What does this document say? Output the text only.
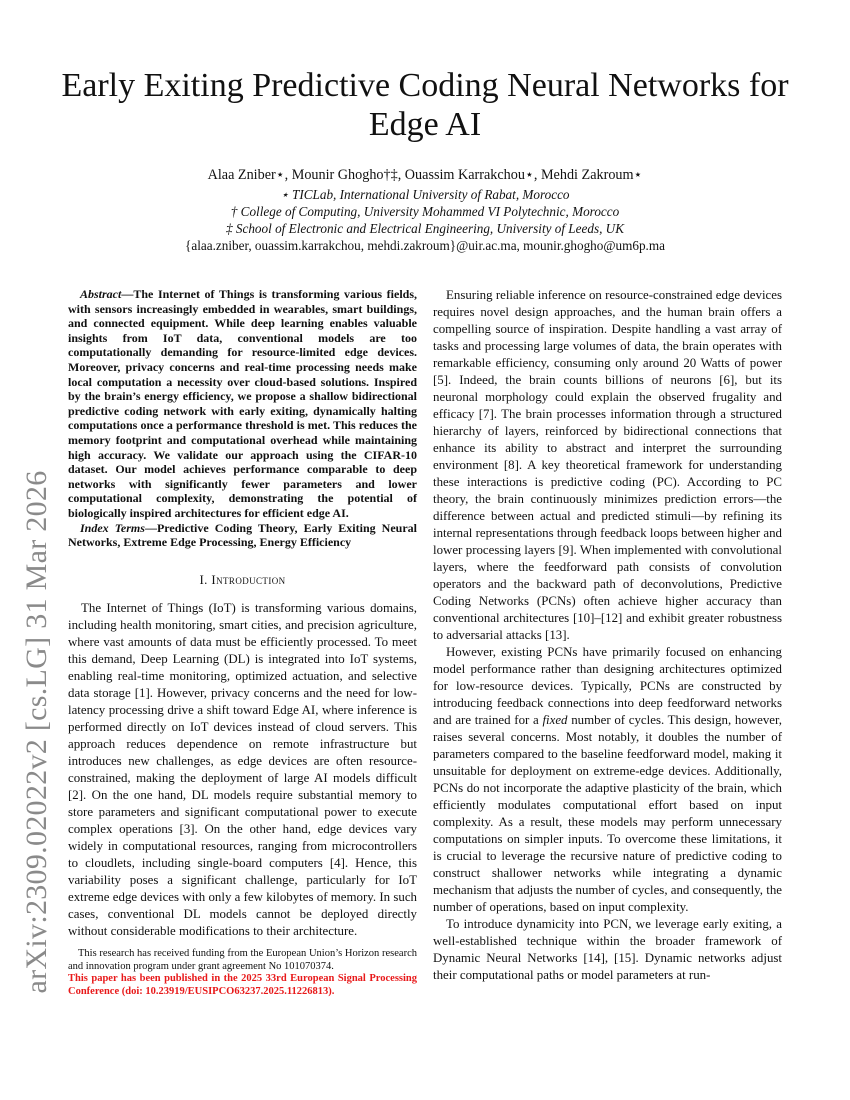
Early Exiting Predictive Coding Neural Networks for Edge AI
Alaa Zniber⋆, Mounir Ghogho†‡, Ouassim Karrakchou⋆, Mehdi Zakroum⋆
⋆ TICLab, International University of Rabat, Morocco
† College of Computing, University Mohammed VI Polytechnic, Morocco
‡ School of Electronic and Electrical Engineering, University of Leeds, UK
{alaa.zniber, ouassim.karrakchou, mehdi.zakroum}@uir.ac.ma, mounir.ghogho@um6p.ma
arXiv:2309.02022v2 [cs.LG] 31 Mar 2026

Abstract—The Internet of Things is transforming various fields, with sensors increasingly embedded in wearables, smart buildings, and connected equipment. While deep learning enables valuable insights from IoT data, conventional models are too computationally demanding for resource-limited edge devices. Moreover, privacy concerns and real-time processing needs make local computation a necessity over cloud-based solutions. Inspired by the brain’s energy efficiency, we propose a shallow bidirectional predictive coding network with early exiting, dynamically halting computations once a performance threshold is met. This reduces the memory footprint and computational overhead while maintaining high accuracy. We validate our approach using the CIFAR-10 dataset. Our model achieves performance comparable to deep networks with significantly fewer parameters and lower computational complexity, demonstrating the potential of biologically inspired architectures for efficient edge AI.

Index Terms—Predictive Coding Theory, Early Exiting Neural Networks, Extreme Edge Processing, Energy Efficiency

I. Introduction

The Internet of Things (IoT) is transforming various domains, including health monitoring, smart cities, and precision agriculture, where vast amounts of data must be efficiently processed. To meet this demand, Deep Learning (DL) is integrated into IoT systems, enabling real-time monitoring, optimized actuation, and selective data storage [1]. However, privacy concerns and the need for low-latency processing drive a shift toward Edge AI, where inference is performed directly on IoT devices instead of cloud servers. This approach reduces dependence on remote infrastructure but introduces new challenges, as edge devices are often resource-constrained, making the deployment of large AI models difficult [2]. On the one hand, DL models require substantial memory to store parameters and significant computational power to execute complex operations [3]. On the other hand, edge devices vary widely in computational resources, ranging from microcontrollers to cloudlets, including single-board computers [4]. Hence, this variability poses a significant challenge, particularly for IoT extreme edge devices with only a few kilobytes of memory. In such cases, conventional DL models cannot be deployed directly without considerable modifications to their architecture.

This research has received funding from the European Union’s Horizon research and innovation program under grant agreement No 101070374.

This paper has been published in the 2025 33rd European Signal Processing Conference (doi: 10.23919/EUSIPCO63237.2025.11226813).

Ensuring reliable inference on resource-constrained edge devices requires novel design approaches, and the human brain offers a compelling source of inspiration. Despite handling a vast array of tasks and processing large volumes of data, the brain operates with remarkable efficiency, consuming only around 20 Watts of power [5]. Indeed, the brain counts billions of neurons [6], but its neuronal morphology could explain the observed frugality and efficacy [7]. The brain processes information through a structured hierarchy of layers, reinforced by bidirectional connections that enhance its ability to abstract and interpret the surrounding environment [8]. A key theoretical framework for understanding these interactions is predictive coding (PC). According to PC theory, the brain continuously minimizes prediction errors—the difference between actual and predicted stimuli—by refining its internal representations through feedback loops between higher and lower processing layers [9]. When implemented with convolutional layers, where the feedforward path consists of convolution operators and the backward path of deconvolutions, Predictive Coding Networks (PCNs) often achieve higher accuracy than conventional architectures [10]–[12] and exhibit greater robustness to adversarial attacks [13].

However, existing PCNs have primarily focused on enhancing model performance rather than designing architectures optimized for low-resource devices. Typically, PCNs are constructed by introducing feedback connections into deep feedforward networks and are trained for a fixed number of cycles. This design, however, raises several concerns. Most notably, it doubles the number of parameters compared to the baseline feedforward model, making it unsuitable for deployment on extreme-edge devices. Additionally, PCNs do not incorporate the adaptive plasticity of the brain, which efficiently modulates computational effort based on input complexity. As a result, these models may perform unnecessary computations on simpler inputs. To overcome these limitations, it is crucial to leverage the recursive nature of predictive coding to construct shallower networks while integrating a dynamic mechanism that adjusts the number of cycles, and consequently, the number of operations, based on input complexity.

To introduce dynamicity into PCN, we leverage early exiting, a well-established technique within the broader framework of Dynamic Neural Networks [14], [15]. Dynamic networks adjust their computational paths or model parameters at run-
